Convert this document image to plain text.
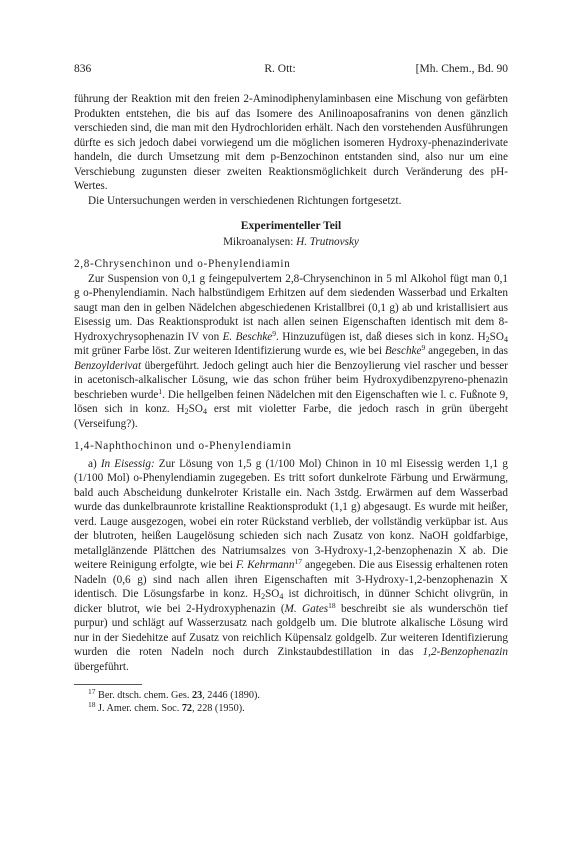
836	R. Ott:	[Mh. Chem., Bd. 90

führung der Reaktion mit den freien 2-Aminodiphenylaminbasen eine Mischung von gefärbten Produkten entstehen, die bis auf das Isomere des Anilinoaposafranins von denen gänzlich verschieden sind, die man mit den Hydrochloriden erhält. Nach den vorstehenden Ausführungen dürfte es sich jedoch dabei vorwiegend um die möglichen isomeren Hydroxy-phenazinderivate handeln, die durch Umsetzung mit dem p-Benzochinon entstanden sind, also nur um eine Verschiebung zugunsten dieser zweiten Reaktionsmöglichkeit durch Veränderung des pH-Wertes.

Die Untersuchungen werden in verschiedenen Richtungen fortgesetzt.

Experimenteller Teil
Mikroanalysen: H. Trutnovsky
2,8-Chrysenchinon und o-Phenylendiamin

Zur Suspension von 0,1 g feingepulvertem 2,8-Chrysenchinon in 5 ml Alkohol fügt man 0,1 g o-Phenylendiamin. Nach halbstündigem Erhitzen auf dem siedenden Wasserbad und Erkalten saugt man den in gelben Nädelchen abgeschiedenen Kristallbrei (0,1 g) ab und kristallisiert aus Eisessig um. Das Reaktionsprodukt ist nach allen seinen Eigenschaften identisch mit dem 8-Hydroxychrysophenazin IV von E. Beschke$^9$. Hinzuzufügen ist, daß dieses sich in konz. $H_2SO_4$ mit grüner Farbe löst. Zur weiteren Identifizierung wurde es, wie bei Beschke$^9$ angegeben, in das Benzoylderivat übergeführt. Jedoch gelingt auch hier die Benzoylierung viel rascher und besser in acetonisch-alkalischer Lösung, wie das schon früher beim Hydroxydibenzpyreno-phenazin beschrieben wurde$^1$. Die hellgelben feinen Nädelchen mit den Eigenschaften wie l. c. Fußnote 9, lösen sich in konz. $H_2SO_4$ erst mit violetter Farbe, die jedoch rasch in grün übergeht (Verseifung?).

1,4-Naphthochinon und o-Phenylendiamin

a) In Eisessig: Zur Lösung von 1,5 g (1/100 Mol) Chinon in 10 ml Eisessig werden 1,1 g (1/100 Mol) o-Phenylendiamin zugegeben. Es tritt sofort dunkelrote Färbung und Erwärmung, bald auch Abscheidung dunkelroter Kristalle ein. Nach 3stdg. Erwärmen auf dem Wasserbad wurde das dunkelbraunrote kristalline Reaktionsprodukt (1,1 g) abgesaugt. Es wurde mit heißer, verd. Lauge ausgezogen, wobei ein roter Rückstand verblieb, der vollständig verküpbar ist. Aus der blutroten, heißen Laugelösung schieden sich nach Zusatz von konz. NaOH goldfarbige, metallglänzende Plättchen des Natriumsalzes von 3-Hydroxy-1,2-benzophenazin X ab. Die weitere Reinigung erfolgte, wie bei F. Kehrmann$^{17}$ angegeben. Die aus Eisessig erhaltenen roten Nadeln (0,6 g) sind nach allen ihren Eigenschaften mit 3-Hydroxy-1,2-benzophenazin X identisch. Die Lösungsfarbe in konz. $H_2SO_4$ ist dichroitisch, in dünner Schicht olivgrün, in dicker blutrot, wie bei 2-Hydroxyphenazin (M. Gates$^{18}$ beschreibt sie als wunderschön tief purpur) und schlägt auf Wasserzusatz nach goldgelb um. Die blutrote alkalische Lösung wird nur in der Siedehitze auf Zusatz von reichlich Küpensalz goldgelb. Zur weiteren Identifizierung wurden die roten Nadeln noch durch Zinkstaubdestillation in das 1,2-Benzophenazin übergeführt.

$^{17}$ Ber. dtsch. chem. Ges. 23, 2446 (1890).
$^{18}$ J. Amer. chem. Soc. 72, 228 (1950).
